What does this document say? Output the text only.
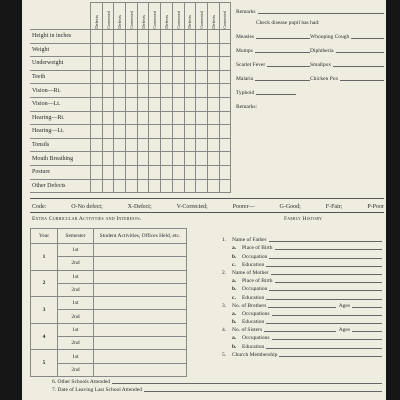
	Defects	Corrected	Defects	Corrected	Defects	Corrected	Defects	Corrected	Defects	Corrected	Defects	Corrected

Height in inches												
Weight												
Underweight												
Teeth												
Vision—Rt.												
Vision—Lt.												
Hearing—Rt.												
Hearing—Lt.												
Tonsils												
Mouth Breathing												
Posture												
Other Defects												
Remarks
Check disease pupil has had:
Measles	Whooping Cough
Mumps	Diphtheria
Scarlet Fever	Smallpox
Malaria	Chicken Pox
Typhoid
Remarks:
Code:	O-No defect;	X-Defect;	V-Corrected;	Poorer—	G-Good;	F-Fair;	P-Poor
Extra Curricular Activities and Interests.	Family History
Year	Semester	Student Activities, Offices Held, etc.
1	1st	
	2nd	
2	1st	
	2nd	
3	1st	
	2nd	
4	1st	
	2nd	
5	1st	
	2nd	
1.	Name of Father
a.	Place of Birth
b.	Occupation
c.	Education
2.	Name of Mother
a.	Place of Birth
b.	Occupation
c.	Education
3.	No. of Brothers	Ages
a.	Occupations
b.	Education
4.	No. of Sisters	Ages
a.	Occupations
b.	Education
5.	Church Membership
6. Other Schools Attended
7. Date of Leaving Last School Attended
